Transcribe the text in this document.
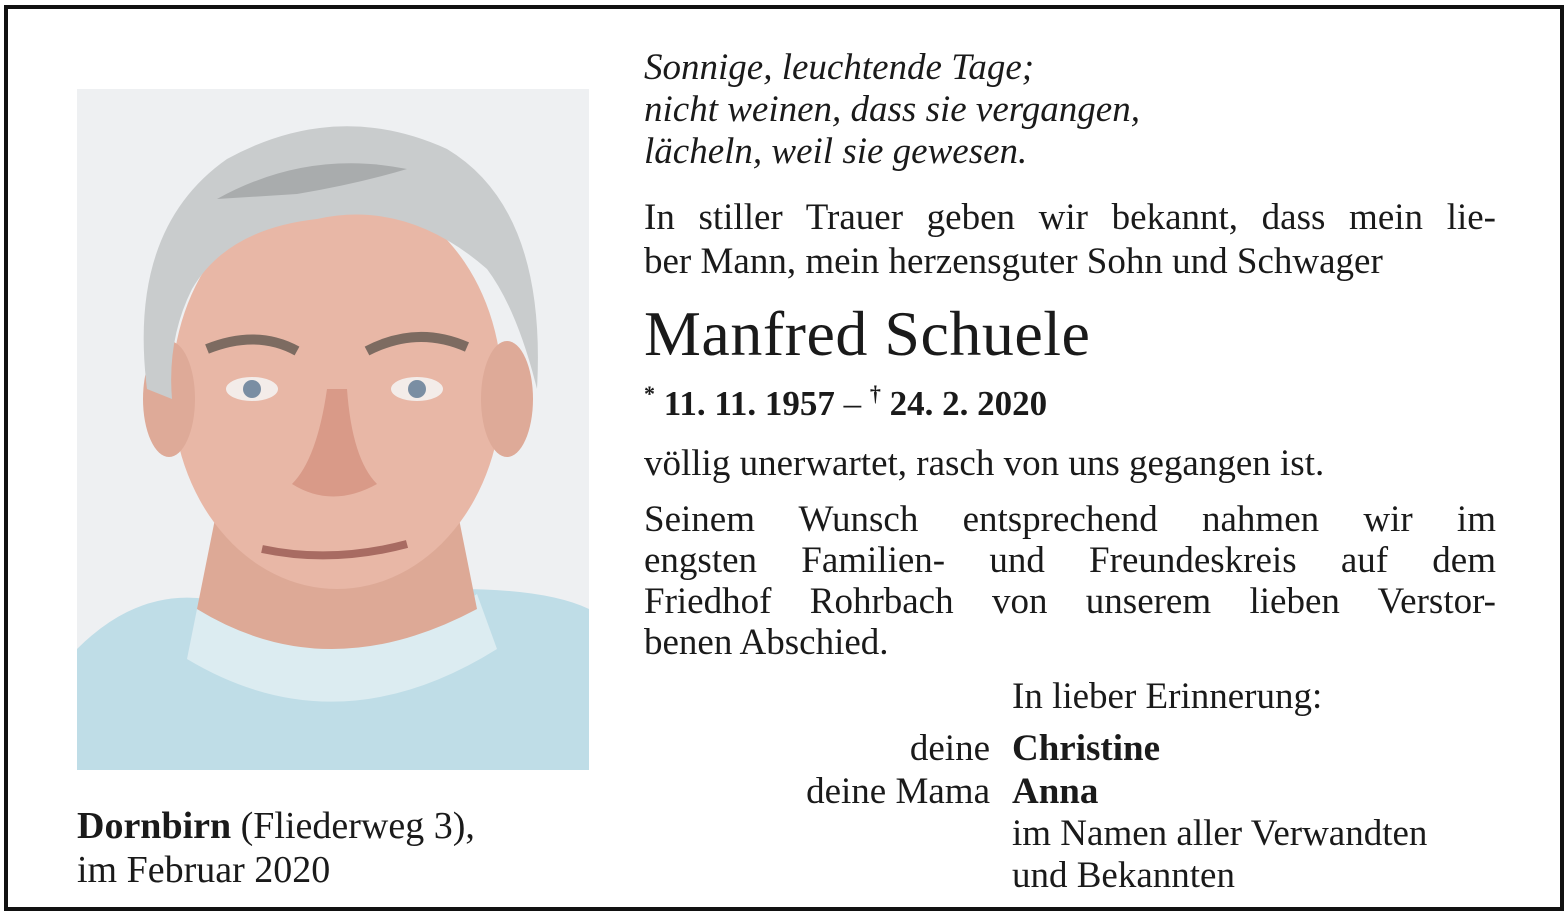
Dornbirn (Fliederweg 3),
im Februar 2020
Sonnige, leuchtende Tage;
nicht weinen, dass sie vergangen,
lächeln, weil sie gewesen.
In stiller Trauer geben wir bekannt, dass mein lie-
ber Mann, mein herzensguter Sohn und Schwager
Manfred Schuele
* 11. 11. 1957 – † 24. 2. 2020
völlig unerwartet, rasch von uns gegangen ist.
Seinem Wunsch entsprechend nahmen wir im
engsten Familien- und Freundeskreis auf dem
Friedhof Rohrbach von unserem lieben Verstor-
benen Abschied.
In lieber Erinnerung:
deine Christine
deine Mama Anna
im Namen aller Verwandten
und Bekannten
